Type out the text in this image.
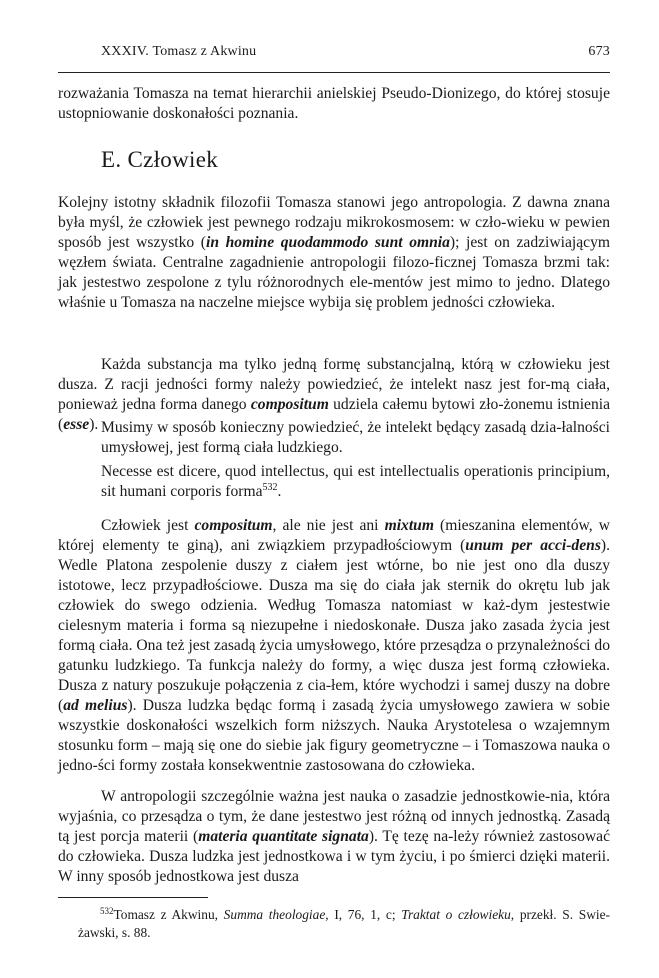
XXXIV. Tomasz z Akwinu	673

rozważania Tomasza na temat hierarchii anielskiej Pseudo-Dionizego, do której stosuje ustopniowanie doskonałości poznania.

E. Człowiek

Kolejny istotny składnik filozofii Tomasza stanowi jego antropologia. Z dawna znana była myśl, że człowiek jest pewnego rodzaju mikrokosmosem: w czło-wieku w pewien sposób jest wszystko (in homine quodammodo sunt omnia); jest on zadziwiającym węzłem świata. Centralne zagadnienie antropologii filozo-ficznej Tomasza brzmi tak: jak jestestwo zespolone z tylu różnorodnych ele-mentów jest mimo to jedno. Dlatego właśnie u Tomasza na naczelne miejsce wybija się problem jedności człowieka.

Każda substancja ma tylko jedną formę substancjalną, którą w człowieku jest dusza. Z racji jedności formy należy powiedzieć, że intelekt nasz jest for-mą ciała, ponieważ jedna forma danego compositum udziela całemu bytowi zło-żonemu istnienia (esse). Musimy w sposób konieczny powiedzieć, że intelekt będący zasadą dzia-łalności umysłowej, jest formą ciała ludzkiego.

Necesse est dicere, quod intellectus, qui est intellectualis operationis principium, sit humani corporis forma$^{532}$.

Człowiek jest compositum, ale nie jest ani mixtum (mieszanina elementów, w której elementy te giną), ani związkiem przypadłościowym (unum per acci-dens). Wedle Platona zespolenie duszy z ciałem jest wtórne, bo nie jest ono dla duszy istotowe, lecz przypadłościowe. Dusza ma się do ciała jak sternik do okrętu lub jak człowiek do swego odzienia. Według Tomasza natomiast w każ-dym jestestwie cielesnym materia i forma są niezupełne i niedoskonałe. Dusza jako zasada życia jest formą ciała. Ona też jest zasadą życia umysłowego, które przesądza o przynależności do gatunku ludzkiego. Ta funkcja należy do formy, a więc dusza jest formą człowieka. Dusza z natury poszukuje połączenia z cia-łem, które wychodzi i samej duszy na dobre (ad melius). Dusza ludzka będąc formą i zasadą życia umysłowego zawiera w sobie wszystkie doskonałości wszelkich form niższych. Nauka Arystotelesa o wzajemnym stosunku form – mają się one do siebie jak figury geometryczne – i Tomaszowa nauka o jedno-ści formy została konsekwentnie zastosowana do człowieka.

W antropologii szczególnie ważna jest nauka o zasadzie jednostkowie-nia, która wyjaśnia, co przesądza o tym, że dane jestestwo jest różną od innych jednostką. Zasadą tą jest porcja materii (materia quantitate signata). Tę tezę na-leży również zastosować do człowieka. Dusza ludzka jest jednostkowa i w tym życiu, i po śmierci dzięki materii. W inny sposób jednostkowa jest dusza

$^{532}$Tomasz z Akwinu, Summa theologiae, I, 76, 1, c; Traktat o człowieku, przekł. S. Swie-żawski, s. 88.
